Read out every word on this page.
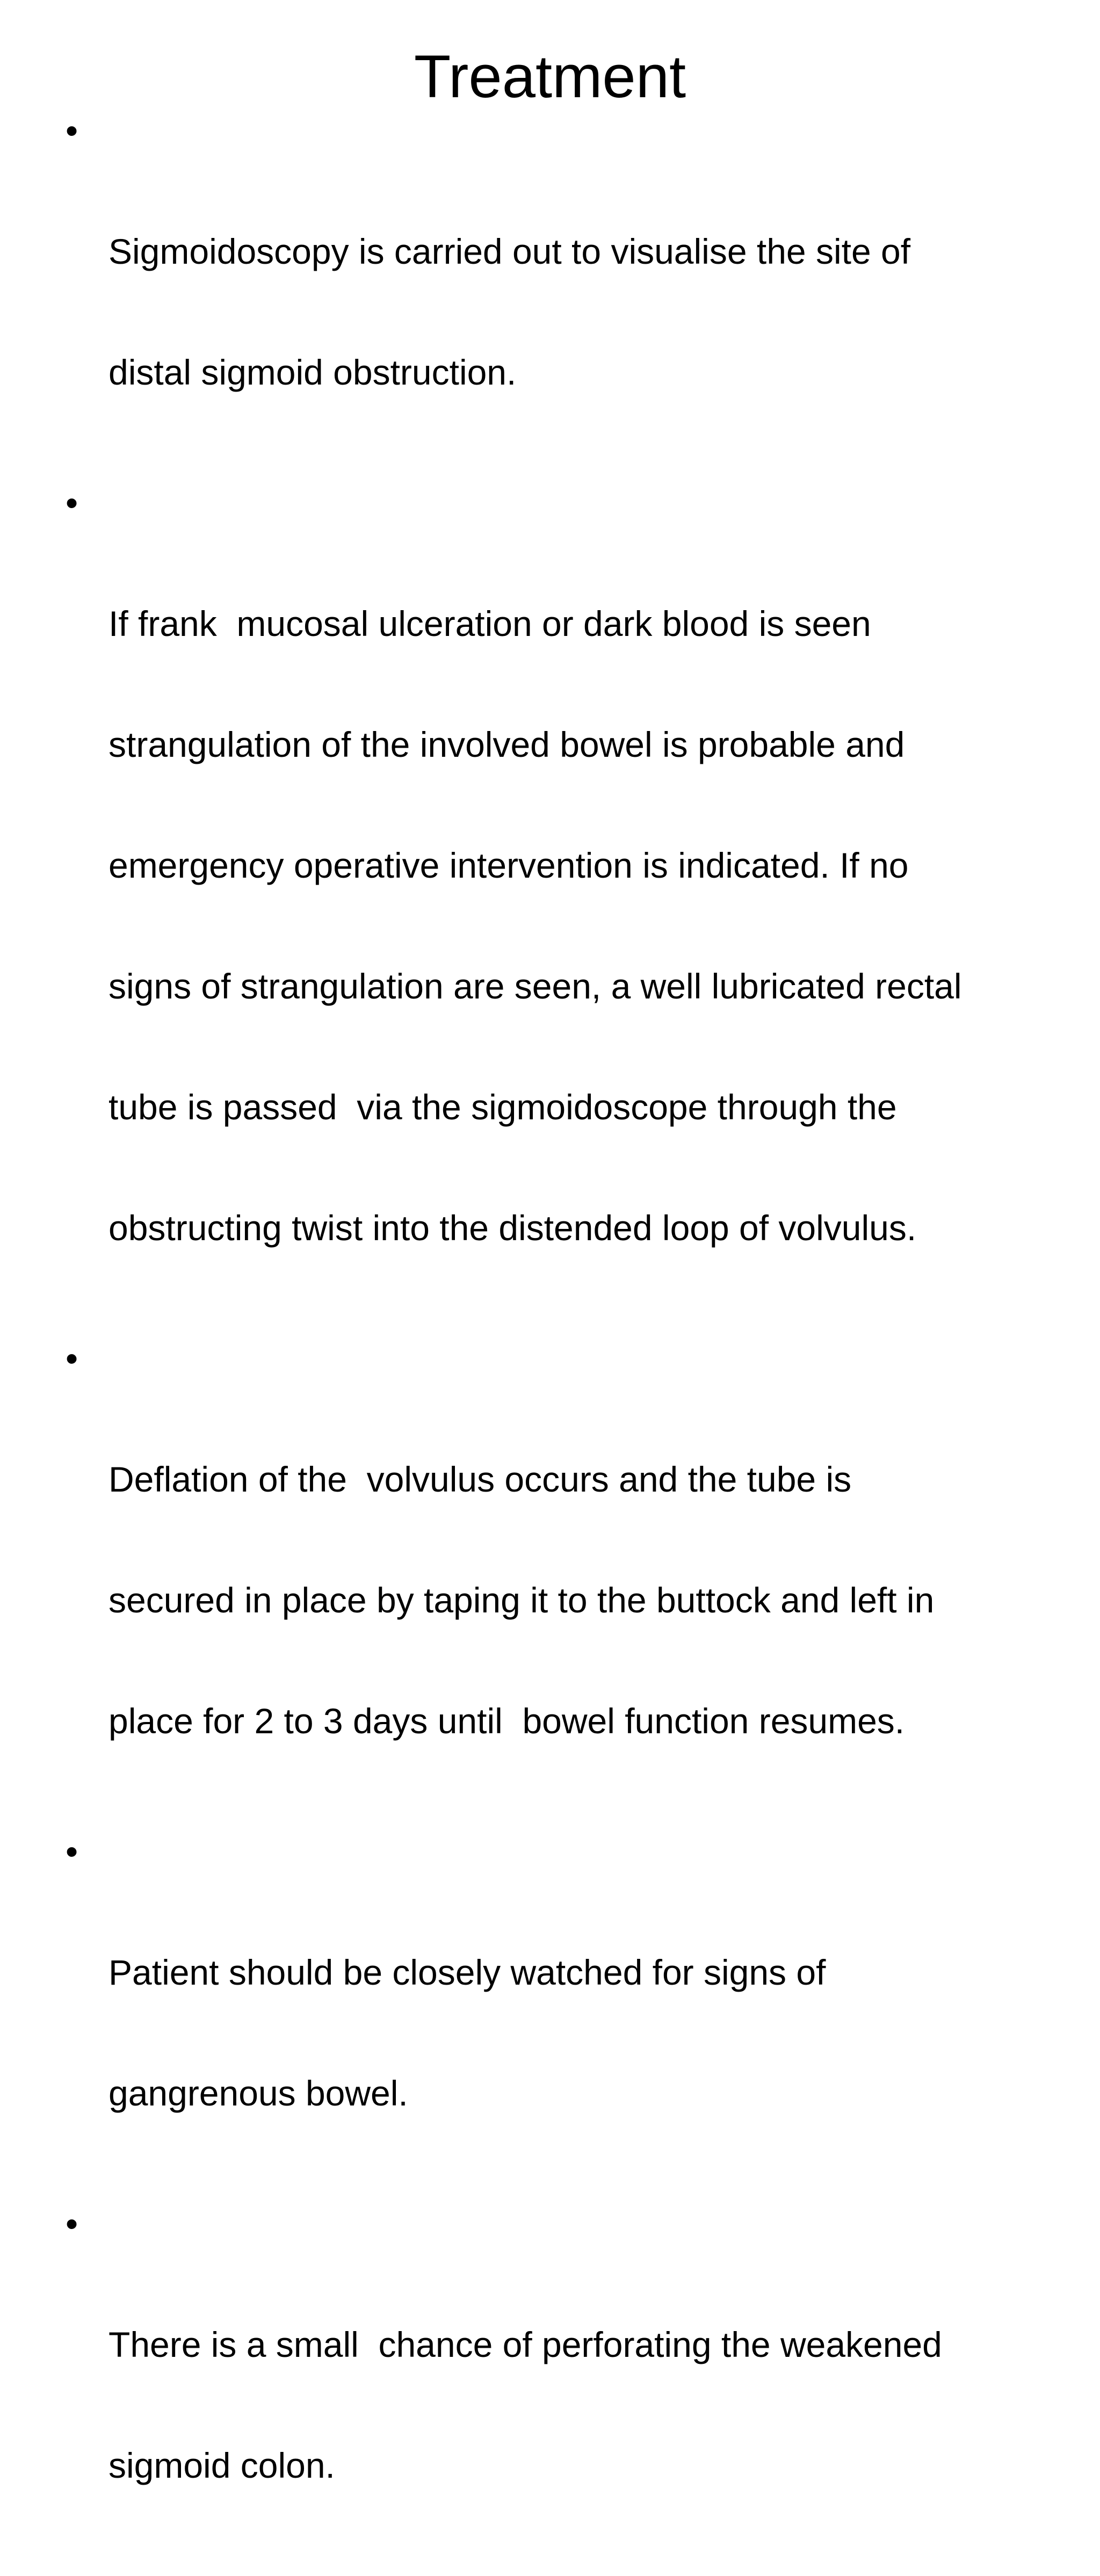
Treatment

•

Sigmoidoscopy is carried out to visualise the site of

distal sigmoid obstruction.

•

If frank  mucosal ulceration or dark blood is seen

strangulation of the involved bowel is probable and

emergency operative intervention is indicated. If no

signs of strangulation are seen, a well lubricated rectal

tube is passed  via the sigmoidoscope through the

obstructing twist into the distended loop of volvulus.

•

Deflation of the  volvulus occurs and the tube is

secured in place by taping it to the buttock and left in

place for 2 to 3 days until  bowel function resumes.

•

Patient should be closely watched for signs of

gangrenous bowel.

•

There is a small  chance of perforating the weakened

sigmoid colon.
